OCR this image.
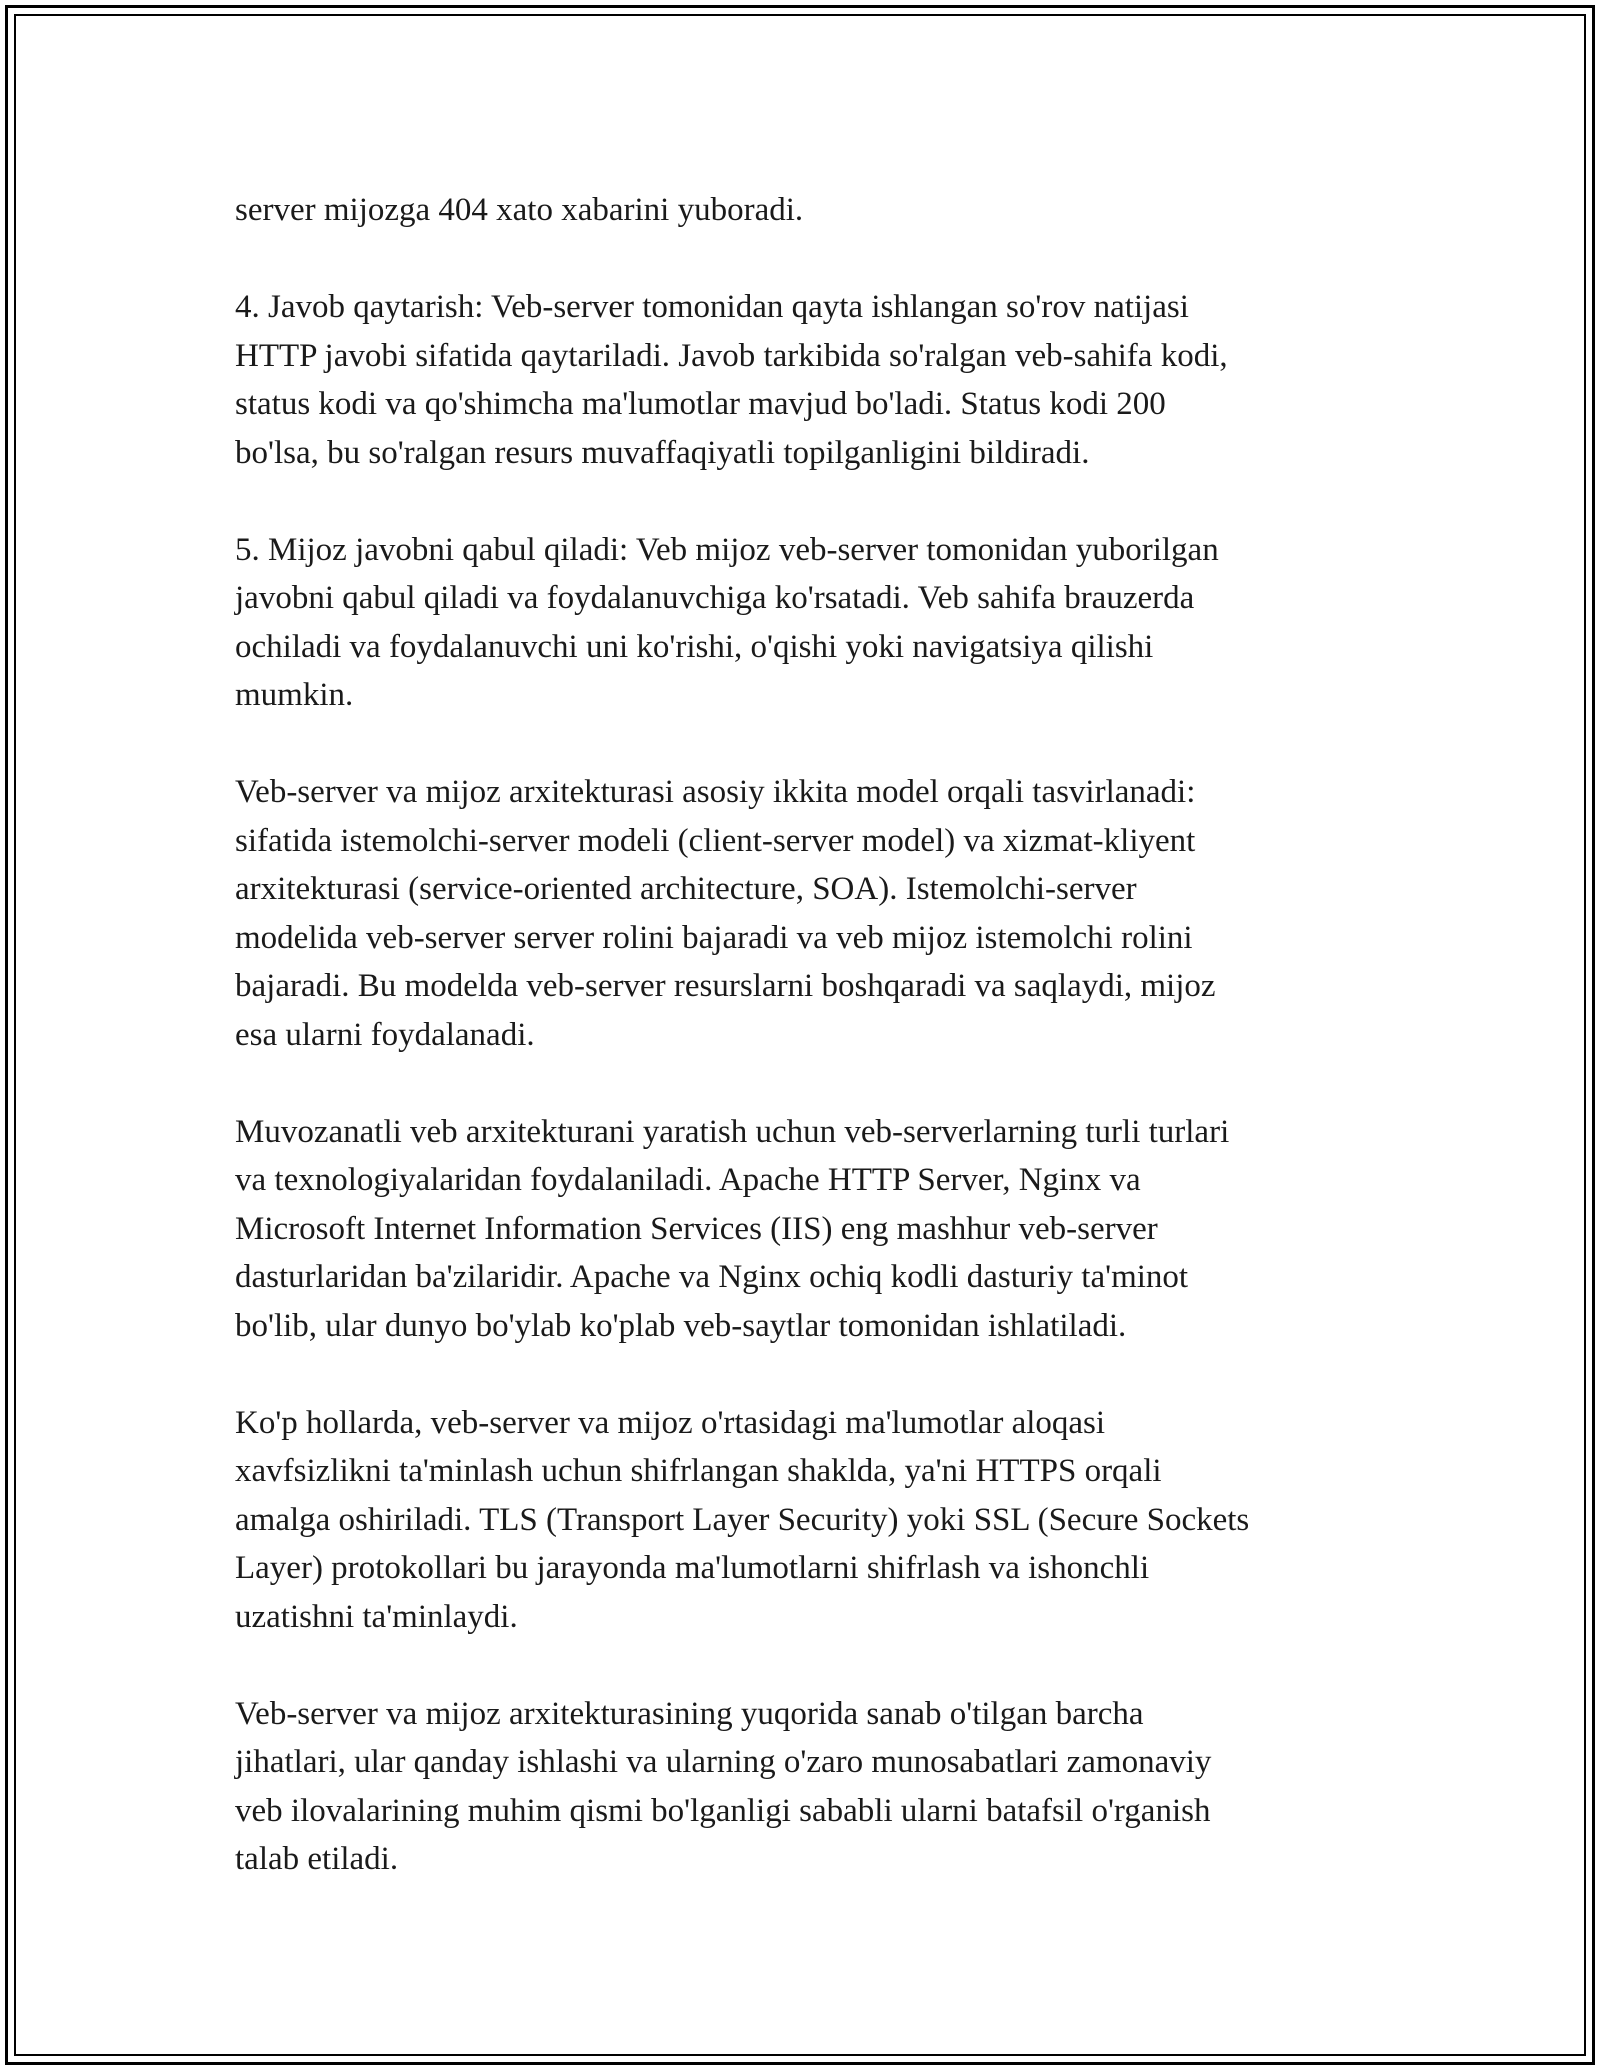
server mijozga 404 xato xabarini yuboradi.

4. Javob qaytarish: Veb-server tomonidan qayta ishlangan so'rov natijasi
HTTP javobi sifatida qaytariladi. Javob tarkibida so'ralgan veb-sahifa kodi,
status kodi va qo'shimcha ma'lumotlar mavjud bo'ladi. Status kodi 200
bo'lsa, bu so'ralgan resurs muvaffaqiyatli topilganligini bildiradi.

5. Mijoz javobni qabul qiladi: Veb mijoz veb-server tomonidan yuborilgan
javobni qabul qiladi va foydalanuvchiga ko'rsatadi. Veb sahifa brauzerda
ochiladi va foydalanuvchi uni ko'rishi, o'qishi yoki navigatsiya qilishi
mumkin.

Veb-server va mijoz arxitekturasi asosiy ikkita model orqali tasvirlanadi:
sifatida istemolchi-server modeli (client-server model) va xizmat-kliyent
arxitekturasi (service-oriented architecture, SOA). Istemolchi-server
modelida veb-server server rolini bajaradi va veb mijoz istemolchi rolini
bajaradi. Bu modelda veb-server resurslarni boshqaradi va saqlaydi, mijoz
esa ularni foydalanadi.

Muvozanatli veb arxitekturani yaratish uchun veb-serverlarning turli turlari
va texnologiyalaridan foydalaniladi. Apache HTTP Server, Nginx va
Microsoft Internet Information Services (IIS) eng mashhur veb-server
dasturlaridan ba'zilaridir. Apache va Nginx ochiq kodli dasturiy ta'minot
bo'lib, ular dunyo bo'ylab ko'plab veb-saytlar tomonidan ishlatiladi.

Ko'p hollarda, veb-server va mijoz o'rtasidagi ma'lumotlar aloqasi
xavfsizlikni ta'minlash uchun shifrlangan shakldа, ya'ni HTTPS orqali
amalga oshiriladi. TLS (Transport Layer Security) yoki SSL (Secure Sockets
Layer) protokollari bu jarayonda ma'lumotlarni shifrlash va ishonchli
uzatishni ta'minlaydi.

Veb-server va mijoz arxitekturasining yuqorida sanab o'tilgan barcha
jihatlari, ular qanday ishlashi va ularning o'zaro munosabatlari zamonaviy
veb ilovalarining muhim qismi bo'lganligi sababli ularni batafsil o'rganish
talab etiladi.
